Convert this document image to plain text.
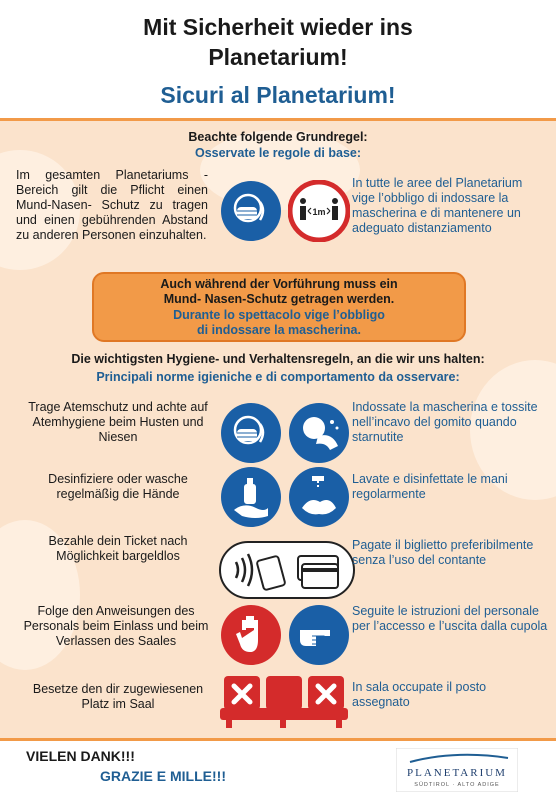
Mit Sicherheit wieder ins
Planetarium!
Sicuri al Planetarium!
Beachte folgende Grundregel:
Osservate le regole di base:
Im gesamten Planetariums - Bereich gilt die Pflicht einen Mund-Nasen- Schutz zu tragen und einen gebührenden Abstand zu anderen Personen einzuhalten.
1m
In tutte le aree del Planetarium vige l’obbligo di indossare la mascherina e di mantenere un adeguato distanziamento
Auch während der Vorführung muss ein
Mund- Nasen-Schutz getragen werden.
Durante lo spettacolo vige l’obbligo
di indossare la mascherina.
Die wichtigsten Hygiene- und Verhaltensregeln, an die wir uns halten:
Principali norme igieniche e di comportamento da osservare:
Trage Atemschutz und achte auf Atemhygiene beim Husten und Niesen
Indossate la mascherina e tossite nell’incavo del gomito quando starnutite
Desinfiziere oder wasche regelmäßig die Hände
Lavate e disinfettate le mani regolarmente
Bezahle dein Ticket nach Möglichkeit bargeldlos
Pagate il biglietto preferibilmente senza l’uso del contante
Folge den Anweisungen des Personals beim Einlass und beim Verlassen des Saales
Seguite le istruzioni del personale per l’accesso e l’uscita dalla cupola
Besetze den dir zugewiesenen Platz im Saal
In sala occupate il posto assegnato
VIELEN DANK!!!
GRAZIE E MILLE!!!	PLANETARIUM
SÜDTIROL · ALTO ADIGE
